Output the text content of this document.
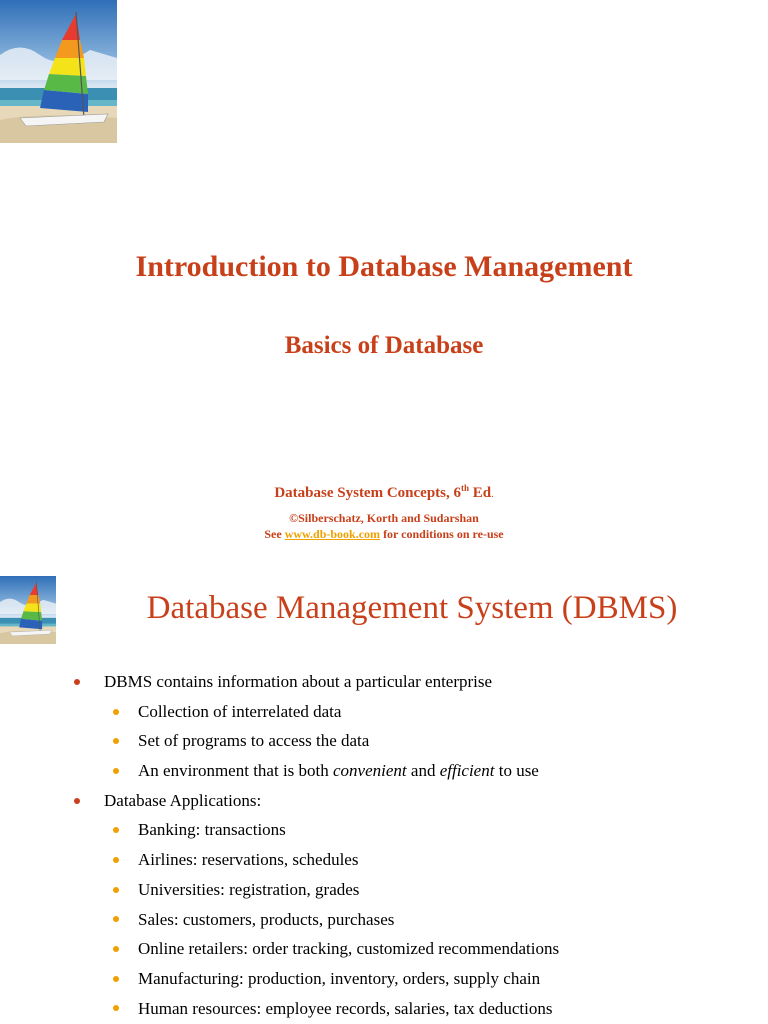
Introduction to Database Management
Basics of Database
Database System Concepts, 6th Ed.
©Silberschatz, Korth and Sudarshan
See www.db-book.com for conditions on re-use
Database Management System (DBMS)
DBMS contains information about a particular enterprise
Collection of interrelated data
Set of programs to access the data
An environment that is both convenient and efficient to use
Database Applications:
Banking: transactions
Airlines: reservations, schedules
Universities: registration, grades
Sales: customers, products, purchases
Online retailers: order tracking, customized recommendations
Manufacturing: production, inventory, orders, supply chain
Human resources: employee records, salaries, tax deductions
